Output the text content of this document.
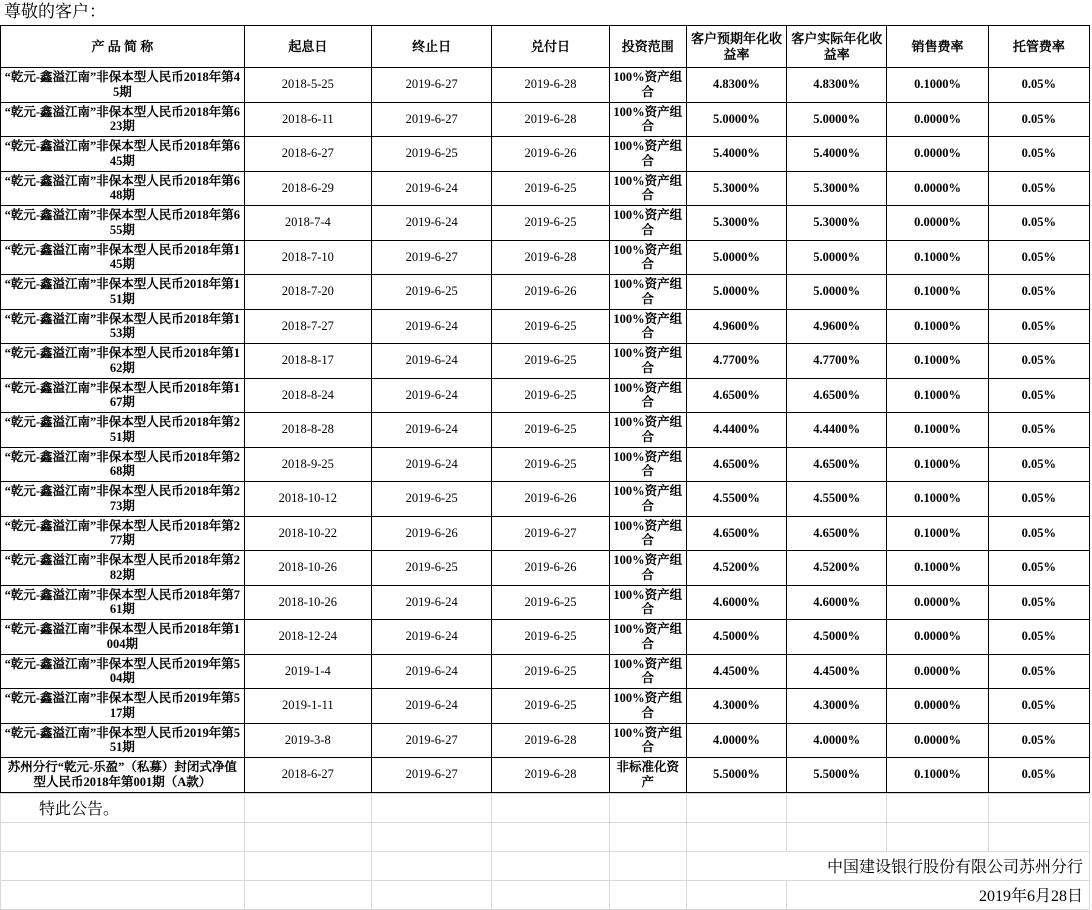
尊敬的客户：
产 品 简 称	起息日	终止日	兑付日	投资范围	客户预期年化收益率	客户实际年化收益率	销售费率	托管费率
“乾元-鑫溢江南”非保本型人民币2018年第45期	2018-5-25	2019-6-27	2019-6-28	100%资产组合	4.8300%	4.8300%	0.1000%	0.05%
“乾元-鑫溢江南”非保本型人民币2018年第623期	2018-6-11	2019-6-27	2019-6-28	100%资产组合	5.0000%	5.0000%	0.0000%	0.05%
“乾元-鑫溢江南”非保本型人民币2018年第645期	2018-6-27	2019-6-25	2019-6-26	100%资产组合	5.4000%	5.4000%	0.0000%	0.05%
“乾元-鑫溢江南”非保本型人民币2018年第648期	2018-6-29	2019-6-24	2019-6-25	100%资产组合	5.3000%	5.3000%	0.0000%	0.05%
“乾元-鑫溢江南”非保本型人民币2018年第655期	2018-7-4	2019-6-24	2019-6-25	100%资产组合	5.3000%	5.3000%	0.0000%	0.05%
“乾元-鑫溢江南”非保本型人民币2018年第145期	2018-7-10	2019-6-27	2019-6-28	100%资产组合	5.0000%	5.0000%	0.1000%	0.05%
“乾元-鑫溢江南”非保本型人民币2018年第151期	2018-7-20	2019-6-25	2019-6-26	100%资产组合	5.0000%	5.0000%	0.1000%	0.05%
“乾元-鑫溢江南”非保本型人民币2018年第153期	2018-7-27	2019-6-24	2019-6-25	100%资产组合	4.9600%	4.9600%	0.1000%	0.05%
“乾元-鑫溢江南”非保本型人民币2018年第162期	2018-8-17	2019-6-24	2019-6-25	100%资产组合	4.7700%	4.7700%	0.1000%	0.05%
“乾元-鑫溢江南”非保本型人民币2018年第167期	2018-8-24	2019-6-24	2019-6-25	100%资产组合	4.6500%	4.6500%	0.1000%	0.05%
“乾元-鑫溢江南”非保本型人民币2018年第251期	2018-8-28	2019-6-24	2019-6-25	100%资产组合	4.4400%	4.4400%	0.1000%	0.05%
“乾元-鑫溢江南”非保本型人民币2018年第268期	2018-9-25	2019-6-24	2019-6-25	100%资产组合	4.6500%	4.6500%	0.1000%	0.05%
“乾元-鑫溢江南”非保本型人民币2018年第273期	2018-10-12	2019-6-25	2019-6-26	100%资产组合	4.5500%	4.5500%	0.1000%	0.05%
“乾元-鑫溢江南”非保本型人民币2018年第277期	2018-10-22	2019-6-26	2019-6-27	100%资产组合	4.6500%	4.6500%	0.1000%	0.05%
“乾元-鑫溢江南”非保本型人民币2018年第282期	2018-10-26	2019-6-25	2019-6-26	100%资产组合	4.5200%	4.5200%	0.1000%	0.05%
“乾元-鑫溢江南”非保本型人民币2018年第761期	2018-10-26	2019-6-24	2019-6-25	100%资产组合	4.6000%	4.6000%	0.0000%	0.05%
“乾元-鑫溢江南”非保本型人民币2018年第1004期	2018-12-24	2019-6-24	2019-6-25	100%资产组合	4.5000%	4.5000%	0.0000%	0.05%
“乾元-鑫溢江南”非保本型人民币2019年第504期	2019-1-4	2019-6-24	2019-6-25	100%资产组合	4.4500%	4.4500%	0.0000%	0.05%
“乾元-鑫溢江南”非保本型人民币2019年第517期	2019-1-11	2019-6-24	2019-6-25	100%资产组合	4.3000%	4.3000%	0.0000%	0.05%
“乾元-鑫溢江南”非保本型人民币2019年第551期	2019-3-8	2019-6-27	2019-6-28	100%资产组合	4.0000%	4.0000%	0.0000%	0.05%
苏州分行“乾元-乐盈”（私募）封闭式净值型人民币2018年第001期（A款）	2018-6-27	2019-6-27	2019-6-28	非标准化资产	5.5000%	5.5000%	0.1000%	0.05%
特此公告。								

					中国建设银行股份有限公司苏州分行			
						2019年6月28日		
